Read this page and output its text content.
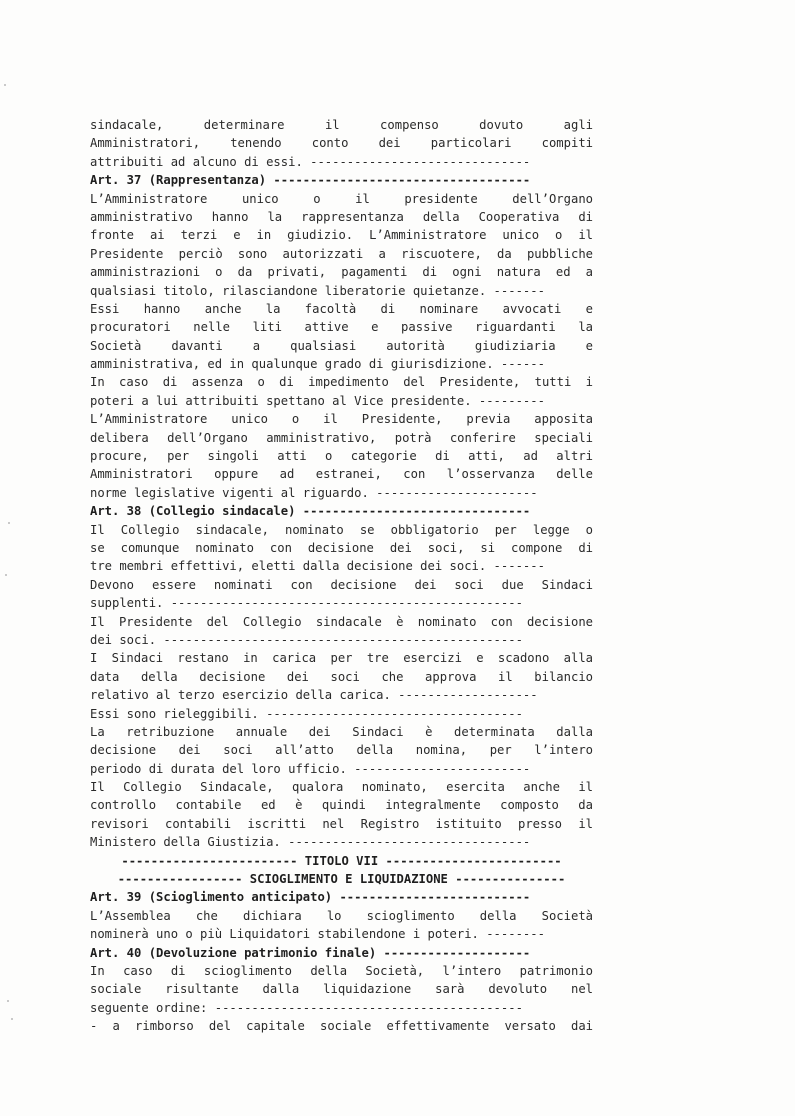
sindacale, determinare il compenso dovuto agli
Amministratori, tenendo conto dei particolari compiti
attribuiti ad alcuno di essi. ------------------------------
Art. 37 (Rappresentanza) -----------------------------------
L’Amministratore unico o il presidente dell’Organo
amministrativo hanno la rappresentanza della Cooperativa di
fronte ai terzi e in giudizio. L’Amministratore unico o il
Presidente perciò sono autorizzati a riscuotere, da pubbliche
amministrazioni o da privati, pagamenti di ogni natura ed a
qualsiasi titolo, rilasciandone liberatorie quietanze. -------
Essi hanno anche la facoltà di nominare avvocati e
procuratori nelle liti attive e passive riguardanti la
Società davanti a qualsiasi autorità giudiziaria e
amministrativa, ed in qualunque grado di giurisdizione. ------
In caso di assenza o di impedimento del Presidente, tutti i
poteri a lui attribuiti spettano al Vice presidente. ---------
L’Amministratore unico o il Presidente, previa apposita
delibera dell’Organo amministrativo, potrà conferire speciali
procure, per singoli atti o categorie di atti, ad altri
Amministratori oppure ad estranei, con l’osservanza delle
norme legislative vigenti al riguardo. ----------------------
Art. 38 (Collegio sindacale) -------------------------------
Il Collegio sindacale, nominato se obbligatorio per legge o
se comunque nominato con decisione dei soci, si compone di
tre membri effettivi, eletti dalla decisione dei soci. -------
Devono essere nominati con decisione dei soci due Sindaci
supplenti. ------------------------------------------------
Il Presidente del Collegio sindacale è nominato con decisione
dei soci. -------------------------------------------------
I Sindaci restano in carica per tre esercizi e scadono alla
data della decisione dei soci che approva il bilancio
relativo al terzo esercizio della carica. -------------------
Essi sono rieleggibili. -----------------------------------
La retribuzione annuale dei Sindaci è determinata dalla
decisione dei soci all’atto della nomina, per l’intero
periodo di durata del loro ufficio. ------------------------
Il Collegio Sindacale, qualora nominato, esercita anche il
controllo contabile ed è quindi integralmente composto da
revisori contabili iscritti nel Registro istituito presso il
Ministero della Giustizia. ---------------------------------
------------------------ TITOLO VII ------------------------
----------------- SCIOGLIMENTO E LIQUIDAZIONE ---------------
Art. 39 (Scioglimento anticipato) --------------------------
L’Assemblea che dichiara lo scioglimento della Società
nominerà uno o più Liquidatori stabilendone i poteri. --------
Art. 40 (Devoluzione patrimonio finale) --------------------
In caso di scioglimento della Società, l’intero patrimonio
sociale risultante dalla liquidazione sarà devoluto nel
seguente ordine: ------------------------------------------
- a rimborso del capitale sociale effettivamente versato dai
